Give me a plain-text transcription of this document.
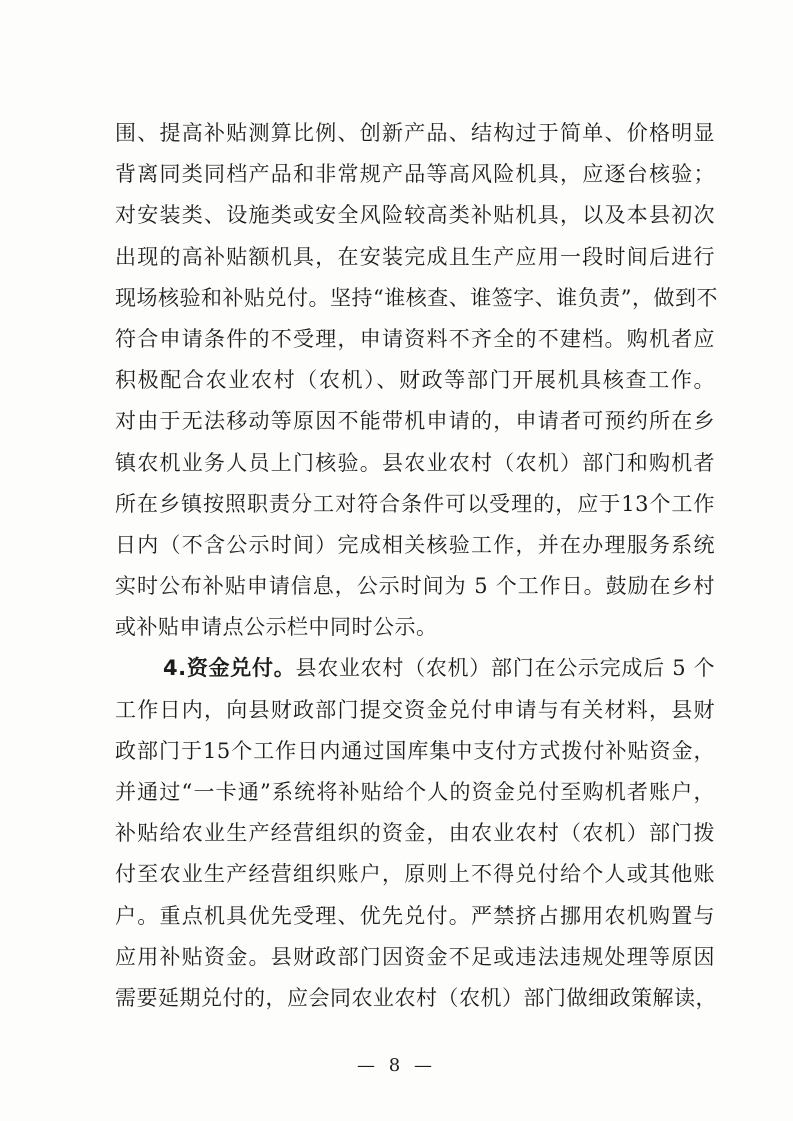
围、提高补贴测算比例、创新产品、结构过于简单、价格明显
背离同类同档产品和非常规产品等高风险机具，应逐台核验；
对安装类、设施类或安全风险较高类补贴机具，以及本县初次
出现的高补贴额机具，在安装完成且生产应用一段时间后进行
现场核验和补贴兑付。坚持“谁核查、谁签字、谁负责”，做到不
符合申请条件的不受理，申请资料不齐全的不建档。购机者应
积极配合农业农村（农机）、财政等部门开展机具核查工作。
对由于无法移动等原因不能带机申请的，申请者可预约所在乡
镇农机业务人员上门核验。县农业农村（农机）部门和购机者
所在乡镇按照职责分工对符合条件可以受理的，应于13个工作
日内（不含公示时间）完成相关核验工作，并在办理服务系统
实时公布补贴申请信息，公示时间为 5 个工作日。鼓励在乡村
或补贴申请点公示栏中同时公示。
4.资金兑付。县农业农村（农机）部门在公示完成后 5 个
工作日内，向县财政部门提交资金兑付申请与有关材料，县财
政部门于15个工作日内通过国库集中支付方式拨付补贴资金，
并通过“一卡通”系统将补贴给个人的资金兑付至购机者账户，
补贴给农业生产经营组织的资金，由农业农村（农机）部门拨
付至农业生产经营组织账户，原则上不得兑付给个人或其他账
户。重点机具优先受理、优先兑付。严禁挤占挪用农机购置与
应用补贴资金。县财政部门因资金不足或违法违规处理等原因
需要延期兑付的，应会同农业农村（农机）部门做细政策解读，
— 8 —
